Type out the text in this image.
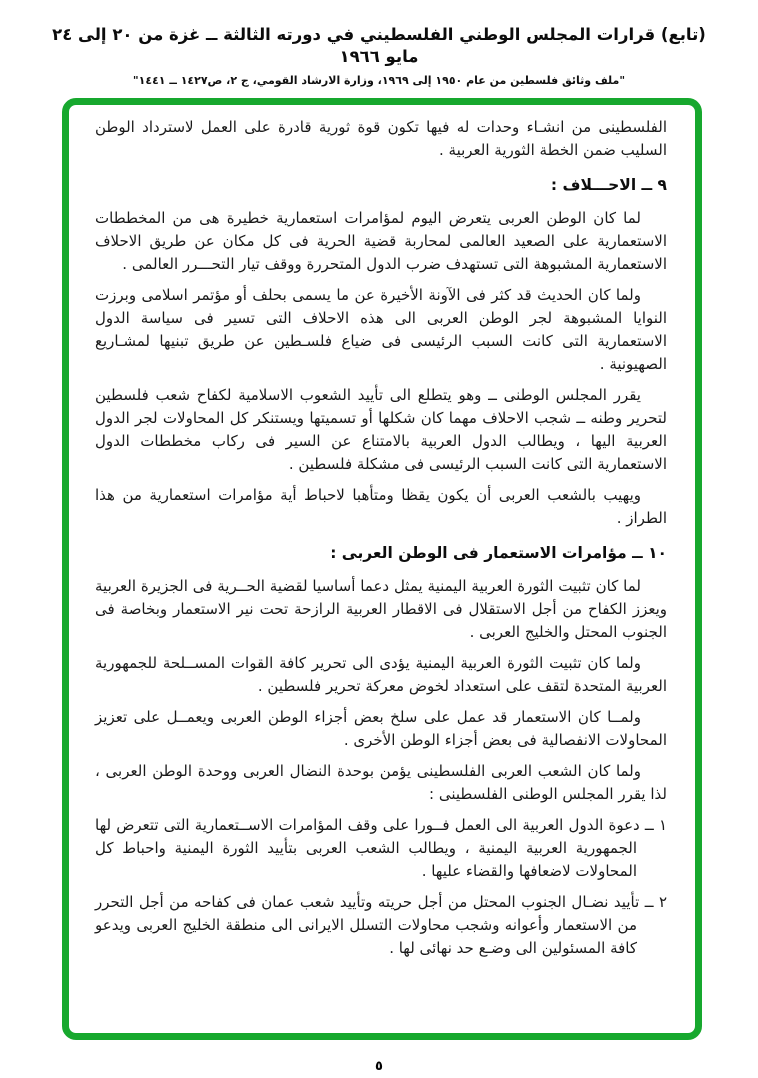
(تابع) قرارات المجلس الوطني الفلسطيني في دورته الثالثة ــ غزة من ٢٠ إلى ٢٤ مايو ١٩٦٦
"ملف وثائق فلسطين من عام ١٩٥٠ إلى ١٩٦٩، وزارة الارشاد القومي، ج ٢، ص١٤٢٧ ــ ١٤٤١"

الفلسطينى من انشـاء وحدات له فيها تكون قوة ثورية قادرة على العمل لاسترداد الوطن السليب ضمن الخطة الثورية العربية .

٩ ــ الاحـــلاف :

لما كان الوطن العربى يتعرض اليوم لمؤامرات استعمارية خطيرة هى من المخططات الاستعمارية على الصعيد العالمى لمحاربة قضية الحرية فى كل مكان عن طريق الاحلاف الاستعمارية المشبوهة التى تستهدف ضرب الدول المتحررة ووقف تيار التحـــرر العالمى .

ولما كان الحديث قد كثر فى الآونة الأخيرة عن ما يسمى بحلف أو مؤتمر اسلامى وبرزت النوايا المشبوهة لجر الوطن العربى الى هذه الاحلاف التى تسير فى سياسة الدول الاستعمارية التى كانت السبب الرئيسى فى ضياع فلسـطين عن طريق تبنيها لمشـاريع الصهيونية .

يقرر المجلس الوطنى ــ وهو يتطلع الى تأييد الشعوب الاسلامية لكفاح شعب فلسطين لتحرير وطنه ــ شجب الاحلاف مهما كان شكلها أو تسميتها ويستنكر كل المحاولات لجر الدول العربية اليها ، ويطالب الدول العربية بالامتناع عن السير فى ركاب مخططات الدول الاستعمارية التى كانت السبب الرئيسى فى مشكلة فلسطين .

ويهيب بالشعب العربى أن يكون يقظا ومتأهبا لاحباط أية مؤامرات استعمارية من هذا الطراز .

١٠ ــ مؤامرات الاستعمار فى الوطن العربى :

لما كان تثبيت الثورة العربية اليمنية يمثل دعما أساسيا لقضية الحــرية فى الجزيرة العربية ويعزز الكفاح من أجل الاستقلال فى الاقطار العربية الرازحة تحت نير الاستعمار وبخاصة فى الجنوب المحتل والخليج العربى .

ولما كان تثبيت الثورة العربية اليمنية يؤدى الى تحرير كافة القوات المســلحة للجمهورية العربية المتحدة لتقف على استعداد لخوض معركة تحرير فلسطين .

ولمــا كان الاستعمار قد عمل على سلخ بعض أجزاء الوطن العربى ويعمــل على تعزيز المحاولات الانفصالية فى بعض أجزاء الوطن الأخرى .

ولما كان الشعب العربى الفلسطينى يؤمن بوحدة النضال العربى ووحدة الوطن العربى ، لذا يقرر المجلس الوطنى الفلسطينى :

١ ــ دعوة الدول العربية الى العمل فــورا على وقف المؤامرات الاســتعمارية التى تتعرض لها الجمهورية العربية اليمنية ، ويطالب الشعب العربى بتأييد الثورة اليمنية واحباط كل المحاولات لاضعافها والقضاء عليها .

٢ ــ تأييد نضـال الجنوب المحتل من أجل حريته وتأييد شعب عمان فى كفاحه من أجل التحرر من الاستعمار وأعوانه وشجب محاولات التسلل الايرانى الى منطقة الخليج العربى ويدعو كافة المسئولين الى وضـع حد نهائى لها .

٥
